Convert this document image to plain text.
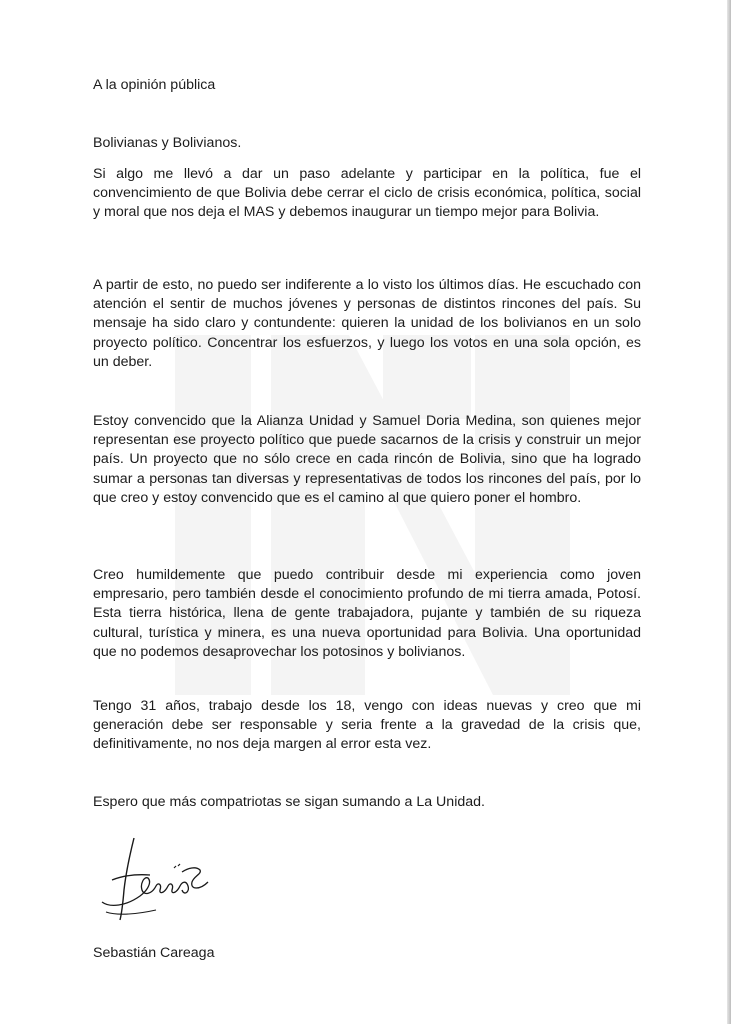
A la opinión pública
Bolivianas y Bolivianos.
Si algo me llevó a dar un paso adelante y participar en la política, fue el convencimiento de que Bolivia debe cerrar el ciclo de crisis económica, política, social y moral que nos deja el MAS y debemos inaugurar un tiempo mejor para Bolivia.
A partir de esto, no puedo ser indiferente a lo visto los últimos días. He escuchado con atención el sentir de muchos jóvenes y personas de distintos rincones del país. Su mensaje ha sido claro y contundente: quieren la unidad de los bolivianos en un solo proyecto político. Concentrar los esfuerzos, y luego los votos en una sola opción, es un deber.
Estoy convencido que la Alianza Unidad y Samuel Doria Medina, son quienes mejor representan ese proyecto político que puede sacarnos de la crisis y construir un mejor país. Un proyecto que no sólo crece en cada rincón de Bolivia, sino que ha logrado sumar a personas tan diversas y representativas de todos los rincones del país, por lo que creo y estoy convencido que es el camino al que quiero poner el hombro.
Creo humildemente que puedo contribuir desde mi experiencia como joven empresario, pero también desde el conocimiento profundo de mi tierra amada, Potosí. Esta tierra histórica, llena de gente trabajadora, pujante y también de su riqueza cultural, turística y minera, es una nueva oportunidad para Bolivia. Una oportunidad que no podemos desaprovechar los potosinos y bolivianos.
Tengo 31 años, trabajo desde los 18, vengo con ideas nuevas y creo que mi generación debe ser responsable y seria frente a la gravedad de la crisis que, definitivamente, no nos deja margen al error esta vez.
Espero que más compatriotas se sigan sumando a La Unidad.
Sebastián Careaga
